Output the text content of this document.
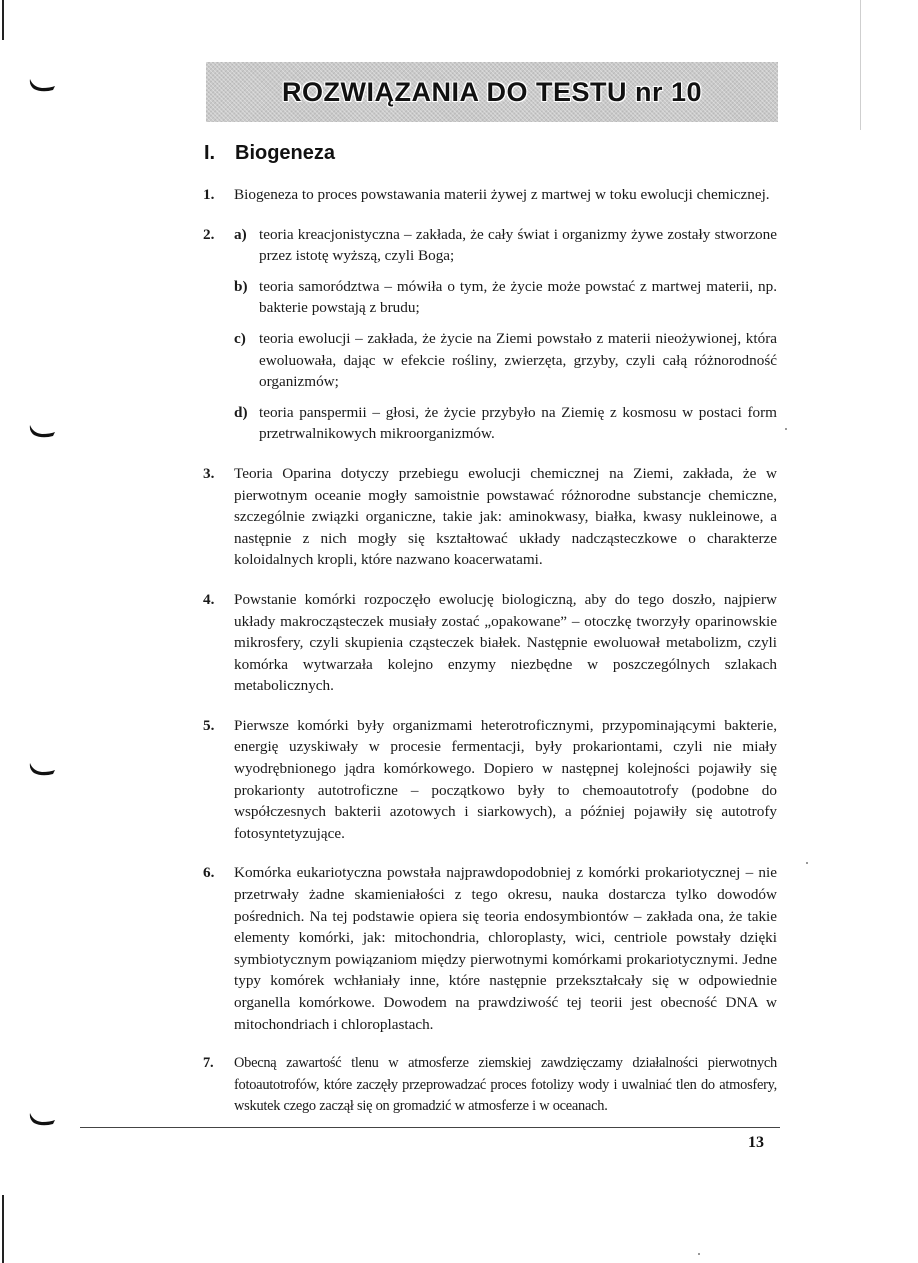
ROZWIĄZANIA DO TESTU nr 10
I. Biogeneza
1. Biogeneza to proces powstawania materii żywej z martwej w toku ewolucji chemicznej.
2. a) teoria kreacjonistyczna – zakłada, że cały świat i organizmy żywe zostały stworzone przez istotę wyższą, czyli Boga;
b) teoria samorództwa – mówiła o tym, że życie może powstać z martwej materii, np. bakterie powstają z brudu;
c) teoria ewolucji – zakłada, że życie na Ziemi powstało z materii nieożywionej, która ewoluowała, dając w efekcie rośliny, zwierzęta, grzyby, czyli całą różnorodność organizmów;
d) teoria panspermii – głosi, że życie przybyło na Ziemię z kosmosu w postaci form przetrwalnikowych mikroorganizmów.
3. Teoria Oparina dotyczy przebiegu ewolucji chemicznej na Ziemi, zakłada, że w pierwotnym oceanie mogły samoistnie powstawać różnorodne substancje chemiczne, szczególnie związki organiczne, takie jak: aminokwasy, białka, kwasy nukleinowe, a następnie z nich mogły się kształtować układy nadcząsteczkowe o charakterze koloidalnych kropli, które nazwano koacerwatami.
4. Powstanie komórki rozpoczęło ewolucję biologiczną, aby do tego doszło, najpierw układy makrocząsteczek musiały zostać „opakowane” – otoczkę tworzyły oparinowskie mikrosfery, czyli skupienia cząsteczek białek. Następnie ewoluował metabolizm, czyli komórka wytwarzała kolejno enzymy niezbędne w poszczególnych szlakach metabolicznych.
5. Pierwsze komórki były organizmami heterotroficznymi, przypominającymi bakterie, energię uzyskiwały w procesie fermentacji, były prokariontami, czyli nie miały wyodrębnionego jądra komórkowego. Dopiero w następnej kolejności pojawiły się prokarionty autotroficzne – początkowo były to chemoautotrofy (podobne do współczesnych bakterii azotowych i siarkowych), a później pojawiły się autotrofy fotosyntetyzujące.
6. Komórka eukariotyczna powstała najprawdopodobniej z komórki prokariotycznej – nie przetrwały żadne skamieniałości z tego okresu, nauka dostarcza tylko dowodów pośrednich. Na tej podstawie opiera się teoria endosymbiontów – zakłada ona, że takie elementy komórki, jak: mitochondria, chloroplasty, wici, centriole powstały dzięki symbiotycznym powiązaniom między pierwotnymi komórkami prokariotycznymi. Jedne typy komórek wchłaniały inne, które następnie przekształcały się w odpowiednie organella komórkowe. Dowodem na prawdziwość tej teorii jest obecność DNA w mitochondriach i chloroplastach.
7. Obecną zawartość tlenu w atmosferze ziemskiej zawdzięczamy działalności pierwotnych fotoautotrofów, które zaczęły przeprowadzać proces fotolizy wody i uwalniać tlen do atmosfery, wskutek czego zaczął się on gromadzić w atmosferze i w oceanach.
13
